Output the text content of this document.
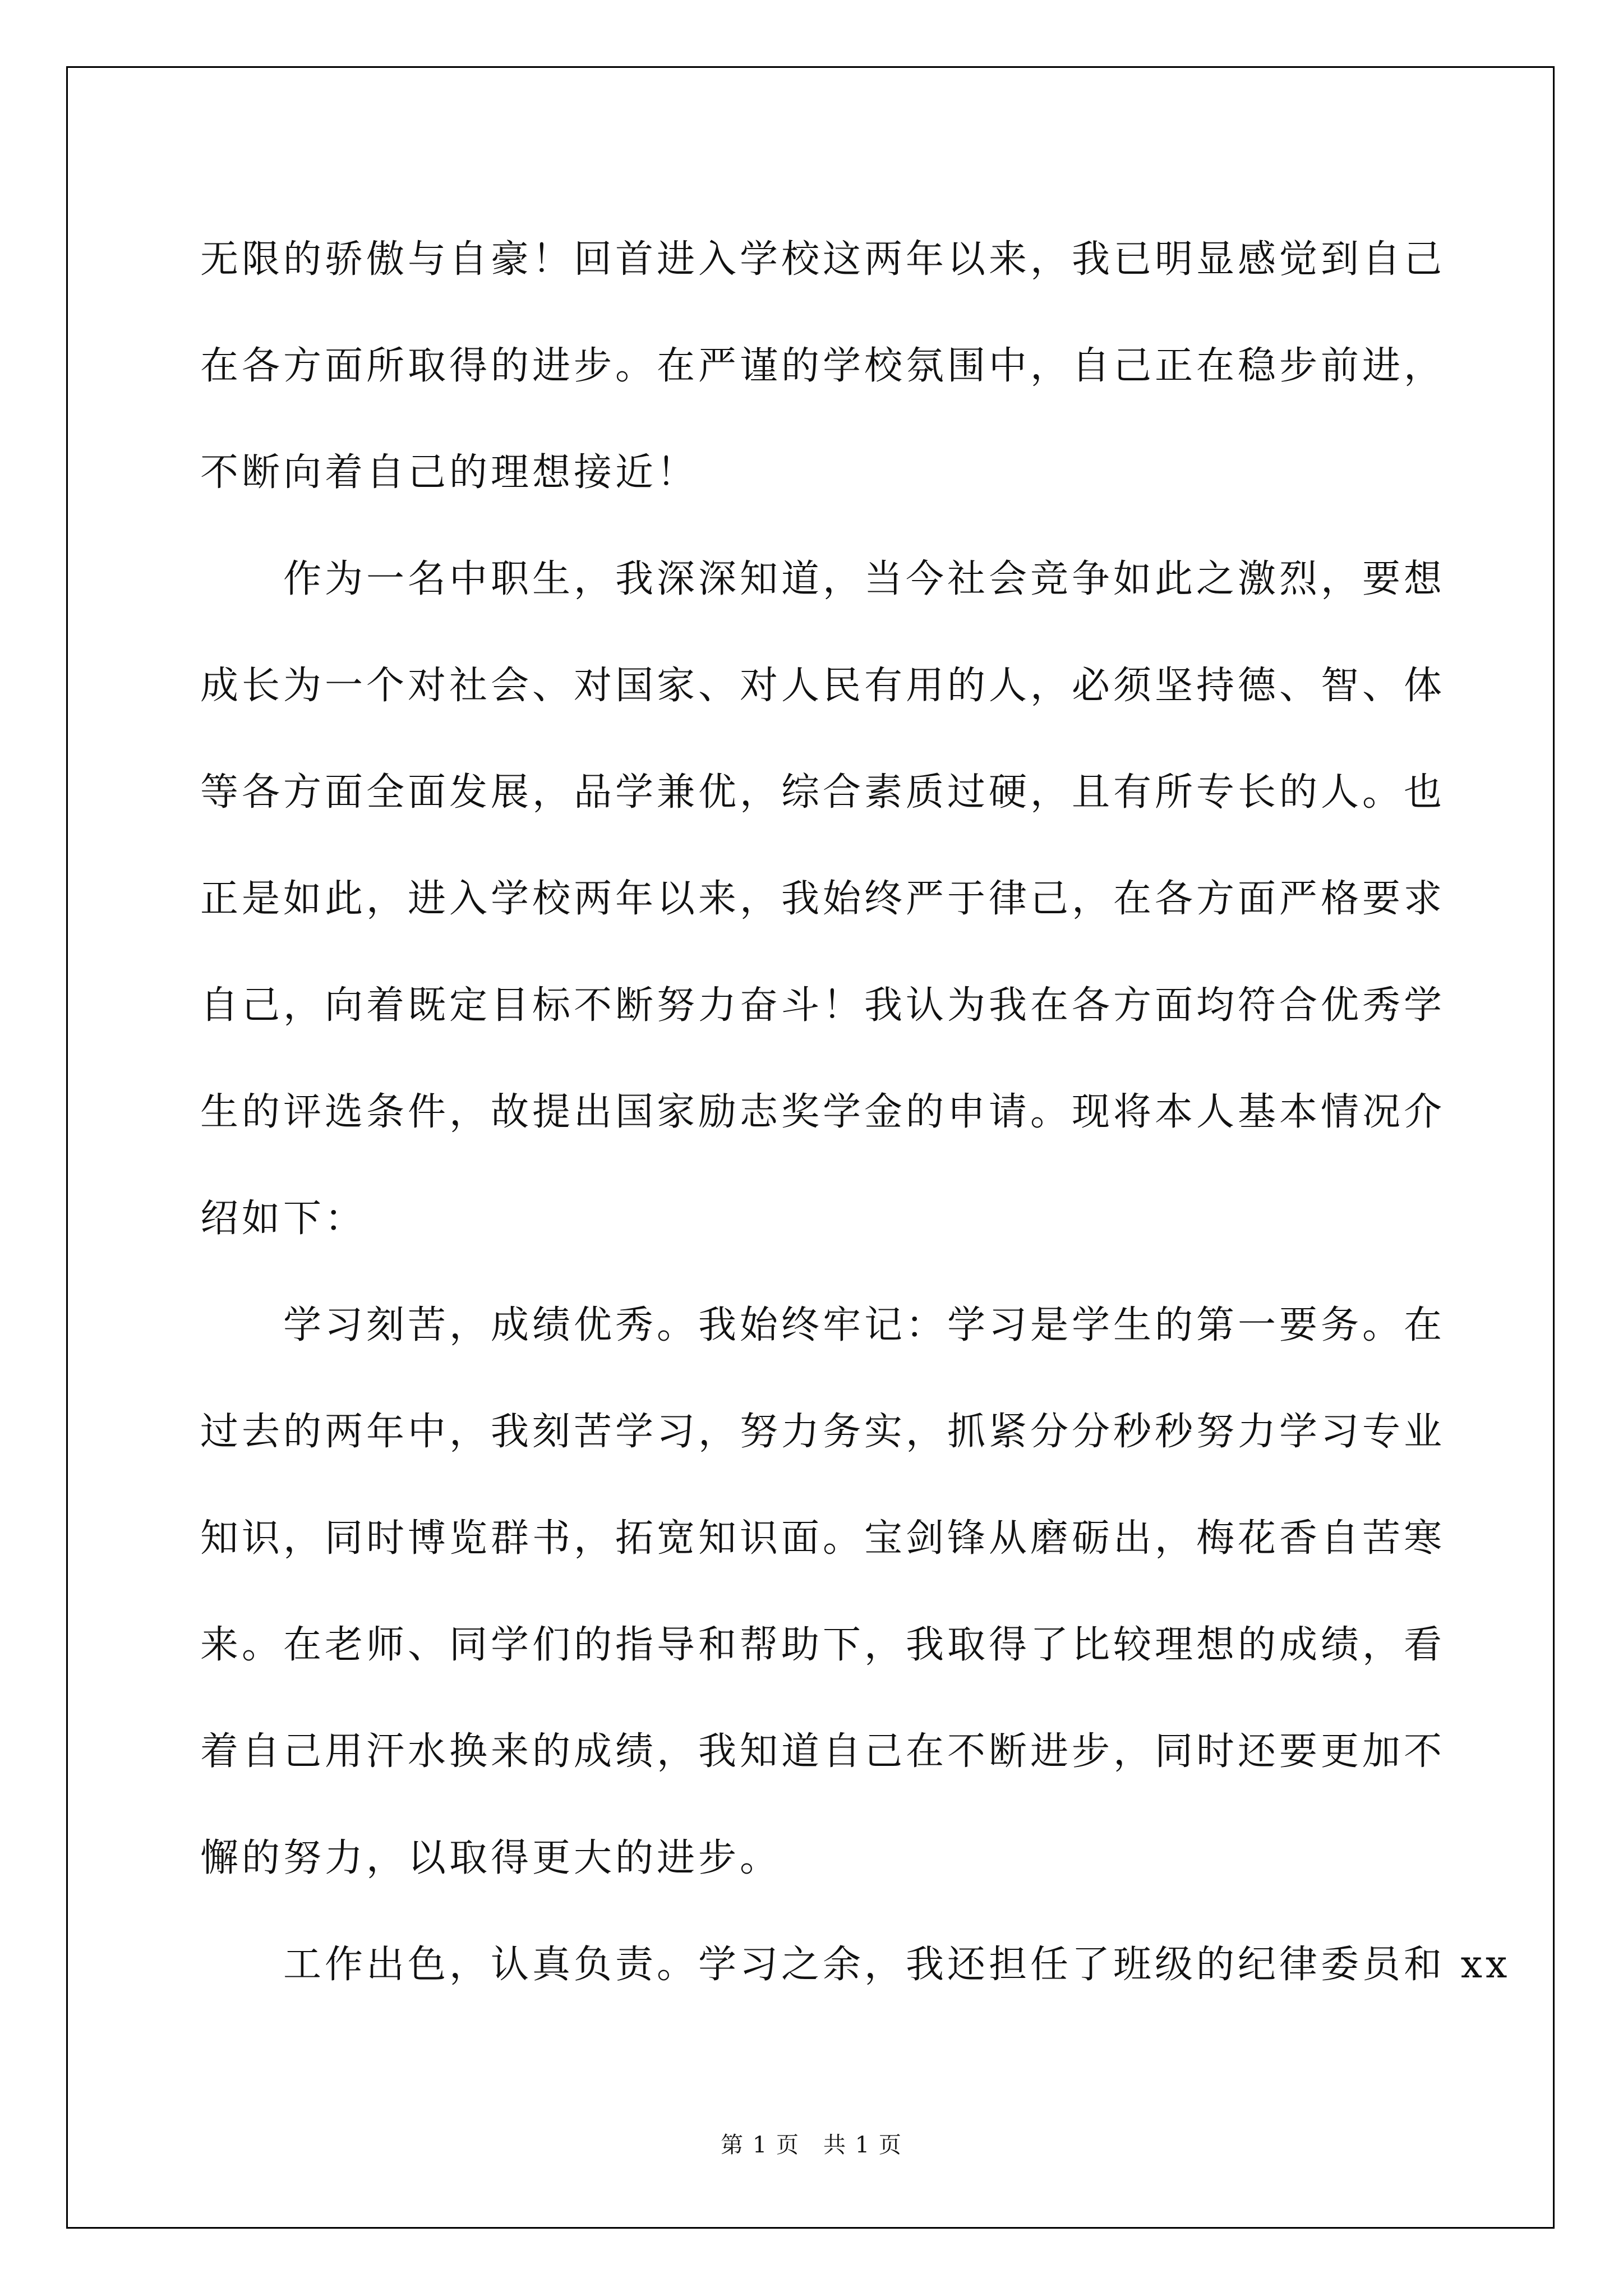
无限的骄傲与自豪！回首进入学校这两年以来，我已明显感觉到自己
在各方面所取得的进步。在严谨的学校氛围中，自己正在稳步前进，
不断向着自己的理想接近！
作为一名中职生，我深深知道，当今社会竞争如此之激烈，要想
成长为一个对社会、对国家、对人民有用的人，必须坚持德、智、体
等各方面全面发展，品学兼优，综合素质过硬，且有所专长的人。也
正是如此，进入学校两年以来，我始终严于律己，在各方面严格要求
自己，向着既定目标不断努力奋斗！我认为我在各方面均符合优秀学
生的评选条件，故提出国家励志奖学金的申请。现将本人基本情况介
绍如下：
学习刻苦，成绩优秀。我始终牢记：学习是学生的第一要务。在
过去的两年中，我刻苦学习，努力务实，抓紧分分秒秒努力学习专业
知识，同时博览群书，拓宽知识面。宝剑锋从磨砺出，梅花香自苦寒
来。在老师、同学们的指导和帮助下，我取得了比较理想的成绩，看
着自己用汗水换来的成绩，我知道自己在不断进步，同时还要更加不
懈的努力，以取得更大的进步。
工作出色，认真负责。学习之余，我还担任了班级的纪律委员和 xx
第 1 页　共 1 页
